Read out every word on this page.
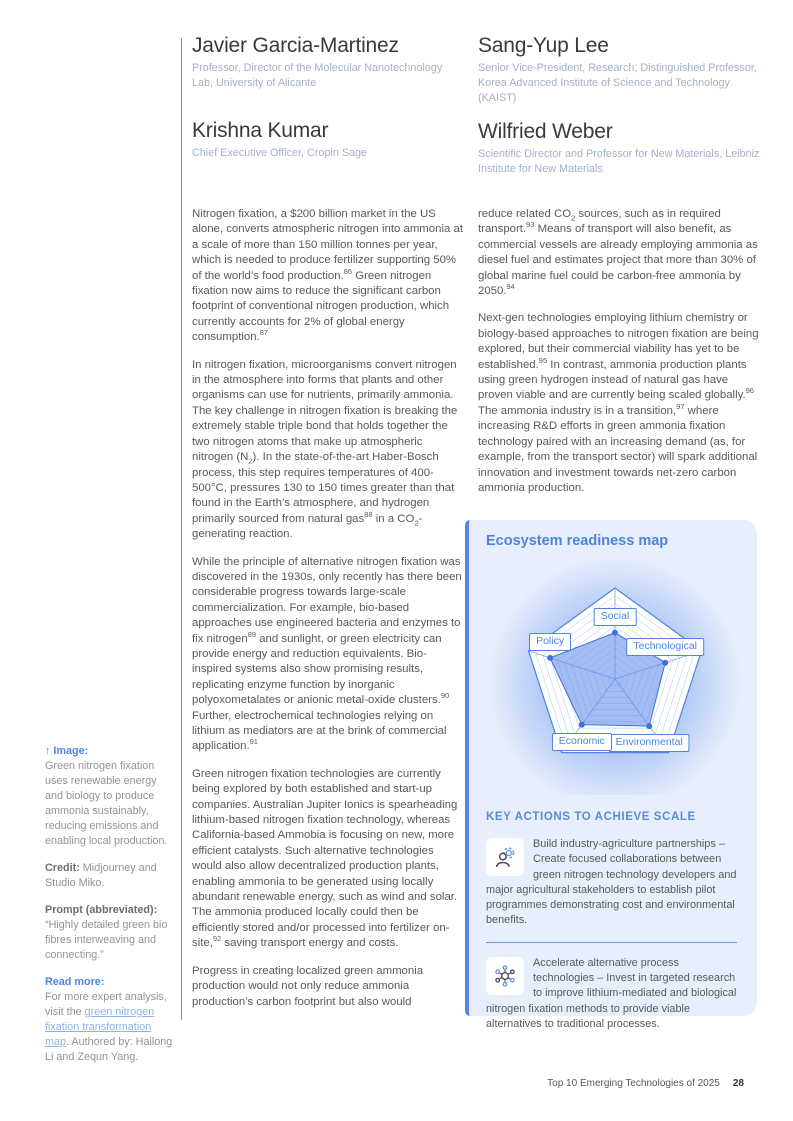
Javier Garcia-Martinez

Professor, Director of the Molecular Nanotechnology Lab, University of Alicante

Krishna Kumar

Chief Executive Officer, Cropin Sage

Sang-Yup Lee

Senior Vice-President, Research; Distinguished Professor, Korea Advanced Institute of Science and Technology (KAIST)

Wilfried Weber

Scientific Director and Professor for New Materials, Leibniz Institute for New Materials

↑ Image:
Green nitrogen fixation uses renewable energy and biology to produce ammonia sustainably, reducing emissions and enabling local production.

Credit: Midjourney and Studio Miko.

Prompt (abbreviated):
“Highly detailed green bio fibres interweaving and connecting.”

Read more:
For more expert analysis, visit the green nitrogen fixation transformation map. Authored by: Hailong Li and Zequn Yang.

Nitrogen fixation, a $200 billion market in the US alone, converts atmospheric nitrogen into ammonia at a scale of more than 150 million tonnes per year, which is needed to produce fertilizer supporting 50% of the world’s food production.$^{86}$ Green nitrogen fixation now aims to reduce the significant carbon footprint of conventional nitrogen production, which currently accounts for 2% of global energy consumption.$^{87}$

In nitrogen fixation, microorganisms convert nitrogen in the atmosphere into forms that plants and other organisms can use for nutrients, primarily ammonia. The key challenge in nitrogen fixation is breaking the extremely stable triple bond that holds together the two nitrogen atoms that make up atmospheric nitrogen $(N_2)$. In the state-of-the-art Haber-Bosch process, this step requires temperatures of 400-500°C, pressures 130 to 150 times greater than that found in the Earth’s atmosphere, and hydrogen primarily sourced from natural gas$^{88}$ in a $CO_2$-generating reaction.

While the principle of alternative nitrogen fixation was discovered in the 1930s, only recently has there been considerable progress towards large-scale commercialization. For example, bio-based approaches use engineered bacteria and enzymes to fix nitrogen$^{89}$ and sunlight, or green electricity can provide energy and reduction equivalents. Bio-inspired systems also show promising results, replicating enzyme function by inorganic polyoxometalates or anionic metal-oxide clusters.$^{90}$ Further, electrochemical technologies relying on lithium as mediators are at the brink of commercial application.$^{91}$

Green nitrogen fixation technologies are currently being explored by both established and start-up companies. Australian Jupiter Ionics is spearheading lithium-based nitrogen fixation technology, whereas California-based Ammobia is focusing on new, more efficient catalysts. Such alternative technologies would also allow decentralized production plants, enabling ammonia to be generated using locally abundant renewable energy, such as wind and solar. The ammonia produced locally could then be efficiently stored and/or processed into fertilizer on-site,$^{92}$ saving transport energy and costs.

Progress in creating localized green ammonia production would not only reduce ammonia production’s carbon footprint but also would

reduce related $CO_2$ sources, such as in required transport.$^{93}$ Means of transport will also benefit, as commercial vessels are already employing ammonia as diesel fuel and estimates project that more than 30% of global marine fuel could be carbon-free ammonia by 2050.94

Next-gen technologies employing lithium chemistry or biology-based approaches to nitrogen fixation are being explored, but their commercial viability has yet to be established.$^{95}$ In contrast, ammonia production plants using green hydrogen instead of natural gas have proven viable and are currently being scaled globally.$^{96}$ The ammonia industry is in a transition,$^{97}$ where increasing R&D efforts in green ammonia fixation technology paired with an increasing demand (as, for example, from the transport sector) will spark additional innovation and investment towards net-zero carbon ammonia production.

Ecosystem readiness map
Social
Technological
Environmental
Economic
Policy
KEY ACTIONS TO ACHIEVE SCALE

Build industry-agriculture partnerships – Create focused collaborations between green nitrogen technology developers and major agricultural stakeholders to establish pilot programmes demonstrating cost and environmental benefits.

Accelerate alternative process technologies – Invest in targeted research to improve lithium-mediated and biological nitrogen fixation methods to provide viable alternatives to traditional processes.

Top 10 Emerging Technologies of 2025 28
